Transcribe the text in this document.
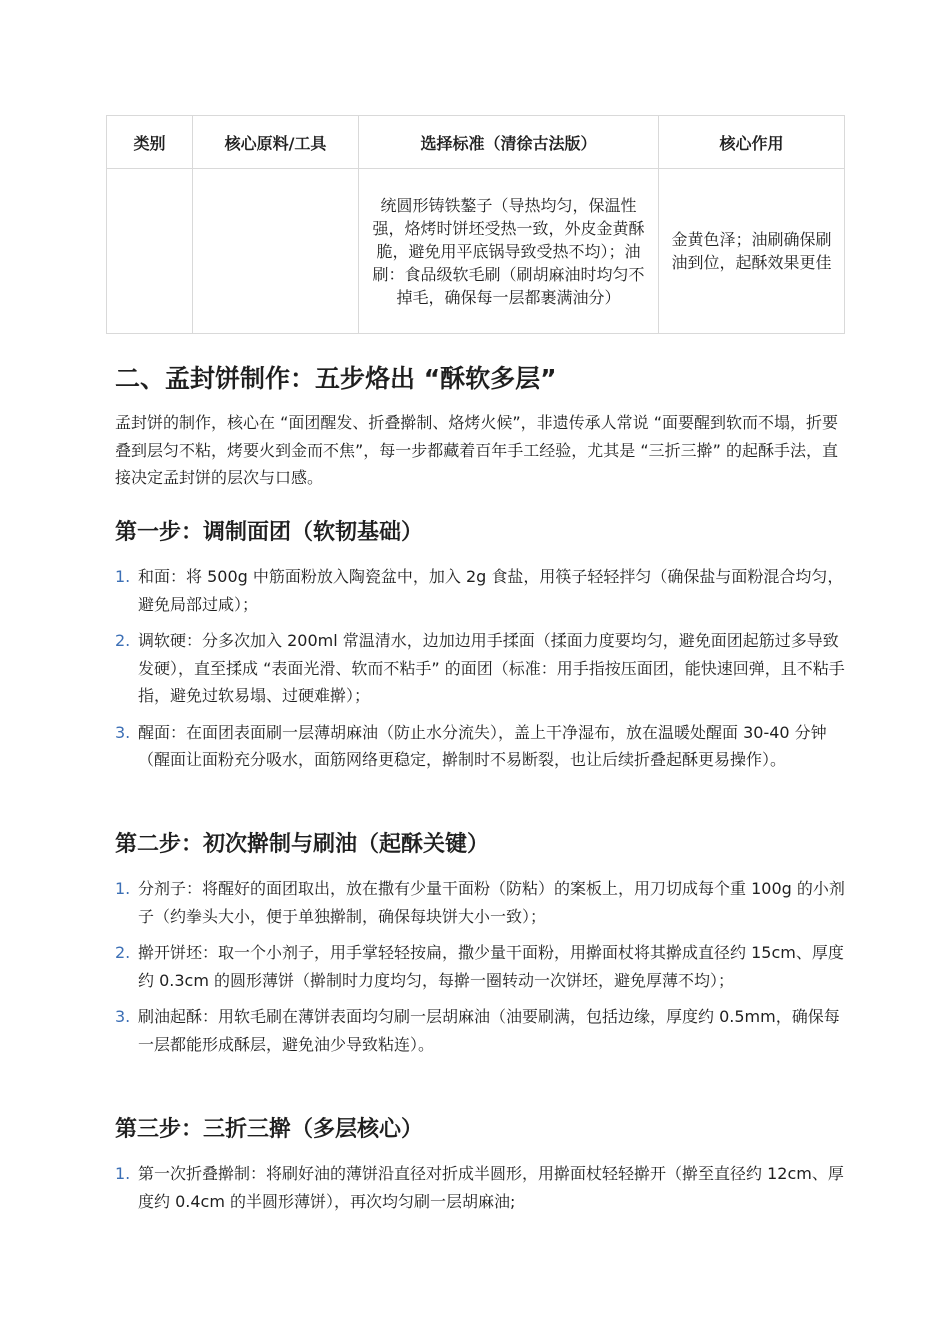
类别	核心原料/工具	选择标准（清徐古法版）	核心作用
		统圆形铸铁鏊子（导热均匀，保温性强，烙烤时饼坯受热一致，外皮金黄酥脆，避免用平底锅导致受热不均）；油刷：食品级软毛刷（刷胡麻油时均匀不掉毛，确保每一层都裹满油分）	金黄色泽；油刷确保刷油到位，起酥效果更佳
二、孟封饼制作：五步烙出 “酥软多层”

孟封饼的制作，核心在 “面团醒发、折叠擀制、烙烤火候”，非遗传承人常说 “面要醒到软而不塌，折要叠到层匀不粘，烤要火到金而不焦”，每一步都藏着百年手工经验，尤其是 “三折三擀” 的起酥手法，直接决定孟封饼的层次与口感。

第一步：调制面团（软韧基础）
1. 和面：将 500g 中筋面粉放入陶瓷盆中，加入 2g 食盐，用筷子轻轻拌匀（确保盐与面粉混合均匀，避免局部过咸）；
2. 调软硬：分多次加入 200ml 常温清水，边加边用手揉面（揉面力度要均匀，避免面团起筋过多导致发硬），直至揉成 “表面光滑、软而不粘手” 的面团（标准：用手指按压面团，能快速回弹，且不粘手指，避免过软易塌、过硬难擀）；
3. 醒面：在面团表面刷一层薄胡麻油（防止水分流失），盖上干净湿布，放在温暖处醒面 30-40 分钟（醒面让面粉充分吸水，面筋网络更稳定，擀制时不易断裂，也让后续折叠起酥更易操作）。
第二步：初次擀制与刷油（起酥关键）
1. 分剂子：将醒好的面团取出，放在撒有少量干面粉（防粘）的案板上，用刀切成每个重 100g 的小剂子（约拳头大小，便于单独擀制，确保每块饼大小一致）；
2. 擀开饼坯：取一个小剂子，用手掌轻轻按扁，撒少量干面粉，用擀面杖将其擀成直径约 15cm、厚度约 0.3cm 的圆形薄饼（擀制时力度均匀，每擀一圈转动一次饼坯，避免厚薄不均）；
3. 刷油起酥：用软毛刷在薄饼表面均匀刷一层胡麻油（油要刷满，包括边缘，厚度约 0.5mm，确保每一层都能形成酥层，避免油少导致粘连）。
第三步：三折三擀（多层核心）
1. 第一次折叠擀制：将刷好油的薄饼沿直径对折成半圆形，用擀面杖轻轻擀开（擀至直径约 12cm、厚度约 0.4cm 的半圆形薄饼），再次均匀刷一层胡麻油;
